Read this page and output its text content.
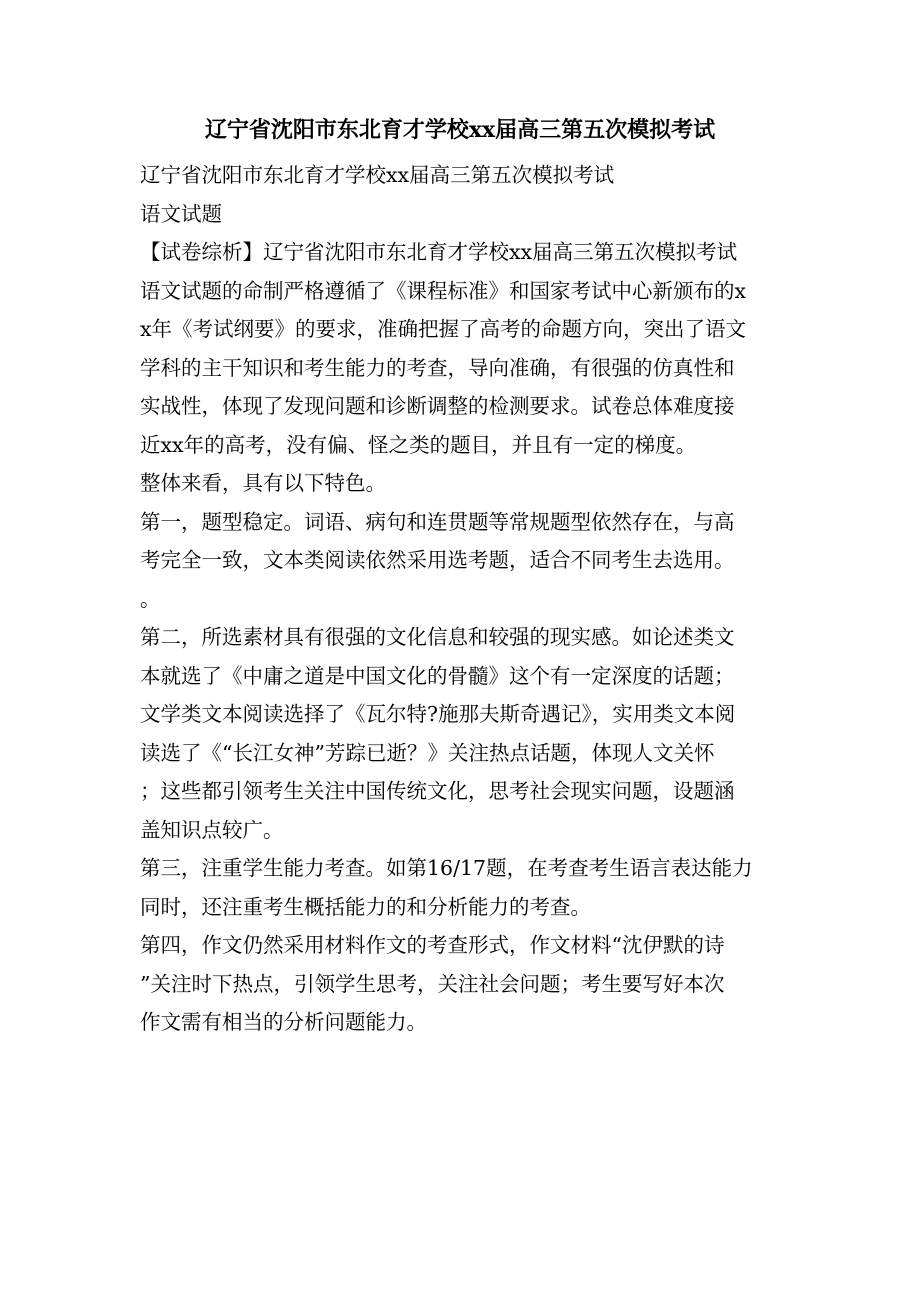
辽宁省沈阳市东北育才学校xx届高三第五次模拟考试

辽宁省沈阳市东北育才学校xx届高三第五次模拟考试

语文试题

【试卷综析】辽宁省沈阳市东北育才学校xx届高三第五次模拟考试
语文试题的命制严格遵循了《课程标准》和国家考试中心新颁布的x
x年《考试纲要》的要求，准确把握了高考的命题方向，突出了语文
学科的主干知识和考生能力的考查，导向准确，有很强的仿真性和
实战性，体现了发现问题和诊断调整的检测要求。试卷总体难度接
近xx年的高考，没有偏、怪之类的题目，并且有一定的梯度。

整体来看，具有以下特色。

第一，题型稳定。词语、病句和连贯题等常规题型依然存在，与高
考完全一致，文本类阅读依然采用选考题，适合不同考生去选用。
。

第二，所选素材具有很强的文化信息和较强的现实感。如论述类文
本就选了《中庸之道是中国文化的骨髓》这个有一定深度的话题；
文学类文本阅读选择了《瓦尔特?施那夫斯奇遇记》，实用类文本阅
读选了《“长江女神”芳踪已逝？》关注热点话题，体现人文关怀
；这些都引领考生关注中国传统文化，思考社会现实问题，设题涵
盖知识点较广。

第三，注重学生能力考查。如第16/17题，在考查考生语言表达能力
同时，还注重考生概括能力的和分析能力的考查。

第四，作文仍然采用材料作文的考查形式，作文材料“沈伊默的诗
”关注时下热点，引领学生思考，关注社会问题；考生要写好本次
作文需有相当的分析问题能力。
